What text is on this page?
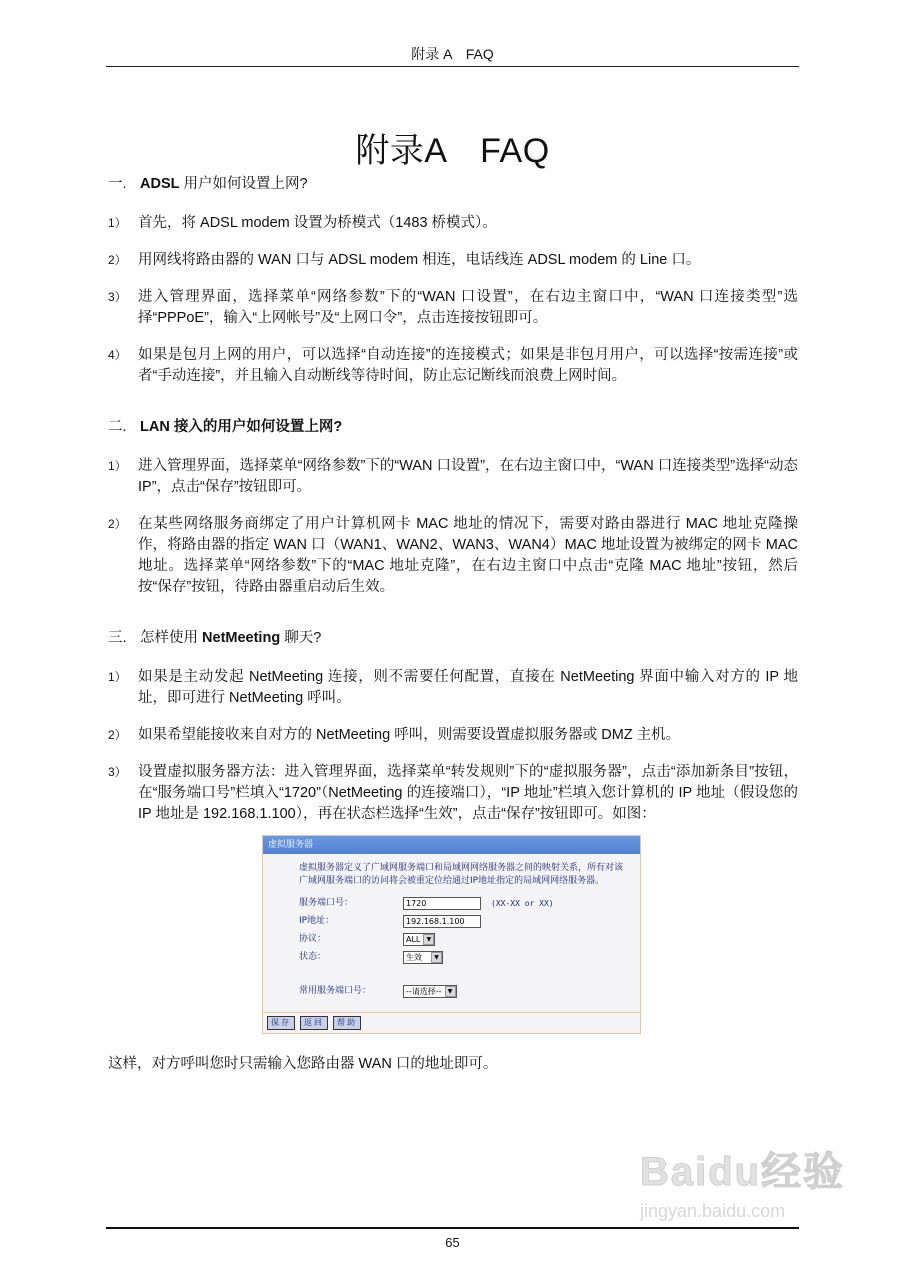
附录 A　FAQ
附录A　FAQ
一. ADSL 用户如何设置上网?
1） 首先，将 ADSL modem 设置为桥模式（1483 桥模式）。
2） 用网线将路由器的 WAN 口与 ADSL modem 相连，电话线连 ADSL modem 的 Line 口。
3） 进入管理界面，选择菜单“网络参数”下的“WAN 口设置”，在右边主窗口中，“WAN 口连接类型”选择“PPPoE”，输入“上网帐号”及“上网口令”，点击连接按钮即可。
4） 如果是包月上网的用户，可以选择“自动连接”的连接模式；如果是非包月用户，可以选择“按需连接”或者“手动连接”，并且输入自动断线等待时间，防止忘记断线而浪费上网时间。
二. LAN 接入的用户如何设置上网?
1） 进入管理界面，选择菜单“网络参数”下的“WAN 口设置”，在右边主窗口中，“WAN 口连接类型”选择“动态 IP”，点击“保存”按钮即可。
2） 在某些网络服务商绑定了用户计算机网卡 MAC 地址的情况下，需要对路由器进行 MAC 地址克隆操作，将路由器的指定 WAN 口（WAN1、WAN2、WAN3、WAN4）MAC 地址设置为被绑定的网卡 MAC 地址。选择菜单“网络参数”下的“MAC 地址克隆”，在右边主窗口中点击“克隆 MAC 地址”按钮，然后按“保存”按钮，待路由器重启动后生效。
三. 怎样使用 NetMeeting 聊天?
1） 如果是主动发起 NetMeeting 连接，则不需要任何配置，直接在 NetMeeting 界面中输入对方的 IP 地址，即可进行 NetMeeting 呼叫。
2） 如果希望能接收来自对方的 NetMeeting 呼叫，则需要设置虚拟服务器或 DMZ 主机。
3） 设置虚拟服务器方法：进入管理界面，选择菜单“转发规则”下的“虚拟服务器”，点击“添加新条目”按钮，在“服务端口号”栏填入“1720”（NetMeeting 的连接端口），“IP 地址”栏填入您计算机的 IP 地址（假设您的 IP 地址是 192.168.1.100），再在状态栏选择“生效”，点击“保存”按钮即可。如图：
虚拟服务器
虚拟服务器定义了广域网服务端口和局域网网络服务器之间的映射关系，所有对该广域网服务端口的访问将会被重定位给通过IP地址指定的局域网网络服务器。
服务端口号：	1720	(XX-XX or XX)
IP地址：	192.168.1.100
协议：	ALL	▼
状态：	生效	▼
常用服务端口号：	--请选择--	▼
保存	返回	帮助
这样，对方呼叫您时只需输入您路由器 WAN 口的地址即可。
Baidu经验
jingyan.baidu.com
65
